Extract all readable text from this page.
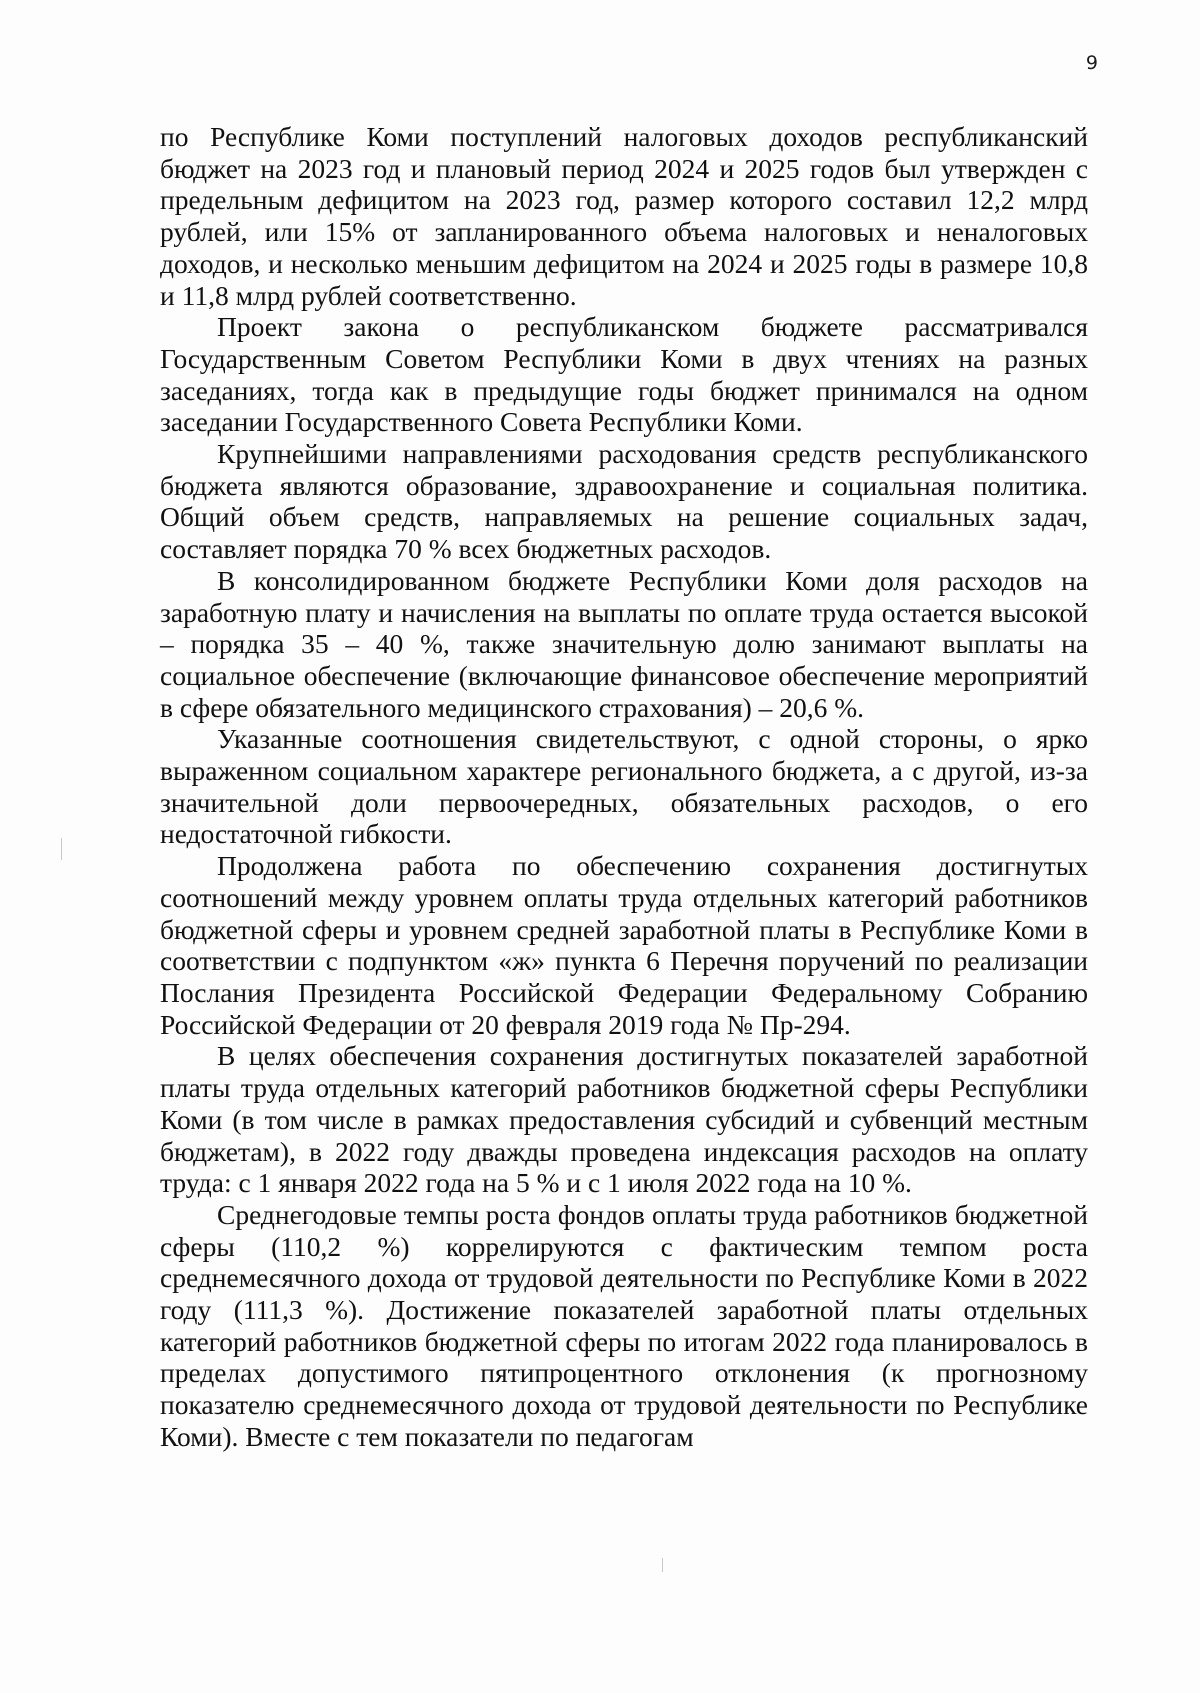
9

по Республике Коми поступлений налоговых доходов республиканский бюджет на 2023 год и плановый период 2024 и 2025 годов был утвержден с предельным дефицитом на 2023 год, размер которого составил 12,2 млрд рублей, или 15% от запланированного объема налоговых и неналоговых доходов, и несколько меньшим дефицитом на 2024 и 2025 годы в размере 10,8 и 11,8 млрд рублей соответственно.

Проект закона о республиканском бюджете рассматривался Государственным Советом Республики Коми в двух чтениях на разных заседаниях, тогда как в предыдущие годы бюджет принимался на одном заседании Государственного Совета Республики Коми.

Крупнейшими направлениями расходования средств республиканского бюджета являются образование, здравоохранение и социальная политика. Общий объем средств, направляемых на решение социальных задач, составляет порядка 70 % всех бюджетных расходов.

В консолидированном бюджете Республики Коми доля расходов на заработную плату и начисления на выплаты по оплате труда остается высокой – порядка 35 – 40 %, также значительную долю занимают выплаты на социальное обеспечение (включающие финансовое обеспечение мероприятий в сфере обязательного медицинского страхования) – 20,6 %.

Указанные соотношения свидетельствуют, с одной стороны, о ярко выраженном социальном характере регионального бюджета, а с другой, из-за значительной доли первоочередных, обязательных расходов, о его недостаточной гибкости.

Продолжена работа по обеспечению сохранения достигнутых соотношений между уровнем оплаты труда отдельных категорий работников бюджетной сферы и уровнем средней заработной платы в Республике Коми в соответствии с подпунктом «ж» пункта 6 Перечня поручений по реализации Послания Президента Российской Федерации Федеральному Собранию Российской Федерации от 20 февраля 2019 года № Пр-294.

В целях обеспечения сохранения достигнутых показателей заработной платы труда отдельных категорий работников бюджетной сферы Республики Коми (в том числе в рамках предоставления субсидий и субвенций местным бюджетам), в 2022 году дважды проведена индексация расходов на оплату труда: с 1 января 2022 года на 5 % и с 1 июля 2022 года на 10 %.

Среднегодовые темпы роста фондов оплаты труда работников бюджетной сферы (110,2 %) коррелируются с фактическим темпом роста среднемесячного дохода от трудовой деятельности по Республике Коми в 2022 году (111,3 %). Достижение показателей заработной платы отдельных категорий работников бюджетной сферы по итогам 2022 года планировалось в пределах допустимого пятипроцентного отклонения (к прогнозному показателю среднемесячного дохода от трудовой деятельности по Республике Коми). Вместе с тем показатели по педагогам
